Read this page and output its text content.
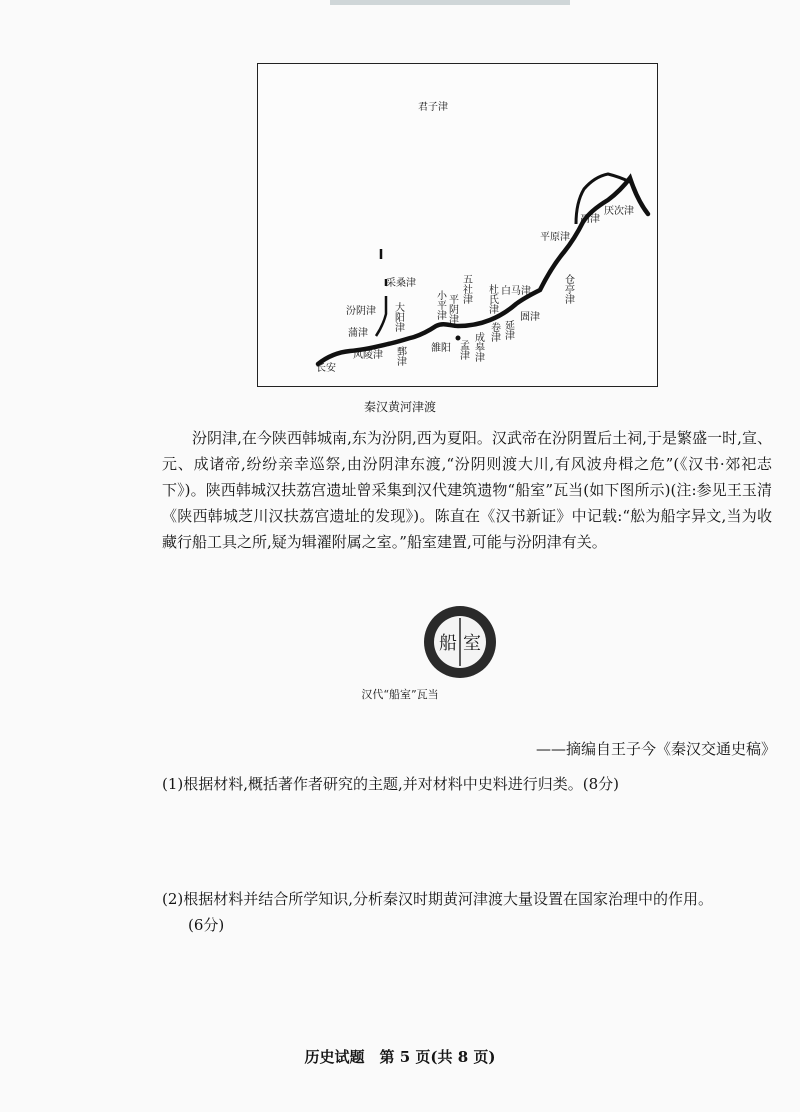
君子津
采桑津
汾阴津
蒲津
风陵津
长安
大阳津
鄄津
小平津 平阴津
五社津
孟津 成皋津
雒阳
杜氏津
卷津 延津
白马津
圄津
仓亭津
平原津
鬲津
厌次津
秦汉黄河津渡

汾阴津,在今陕西韩城南,东为汾阴,西为夏阳。汉武帝在汾阴置后土祠,于是繁盛一时,宣、元、成诸帝,纷纷亲幸巡祭,由汾阴津东渡,“汾阴则渡大川,有风波舟楫之危”(《汉书·郊祀志下》)。陕西韩城汉扶荔宫遗址曾采集到汉代建筑遗物“船室”瓦当(如下图所示)(注:参见王玉清《陕西韩城芝川汉扶荔宫遗址的发现》)。陈直在《汉书新证》中记载:“舩为船字异文,当为收藏行船工具之所,疑为辑濯附属之室。”船室建置,可能与汾阴津有关。

船 室
汉代“船室”瓦当
——摘编自王子今《秦汉交通史稿》
(1)根据材料,概括著作者研究的主题,并对材料中史料进行归类。(8分)
(2)根据材料并结合所学知识,分析秦汉时期黄河津渡大量设置在国家治理中的作用。
(6分)
历史试题　第 5 页(共 8 页)
